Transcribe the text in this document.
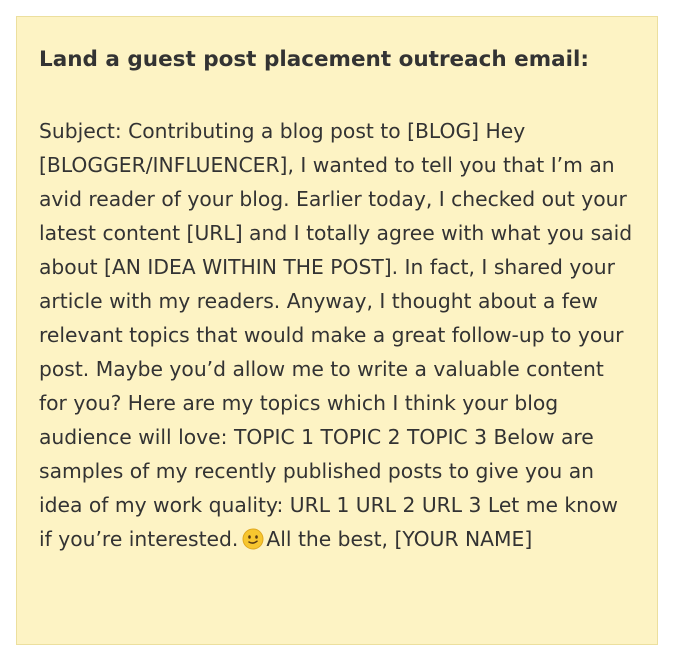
Land a guest post placement outreach email:

Subject: Contributing a blog post to [BLOG] Hey [BLOGGER/INFLUENCER], I wanted to tell you that I’m an avid reader of your blog. Earlier today, I checked out your latest content [URL] and I totally agree with what you said about [AN IDEA WITHIN THE POST]. In fact, I shared your article with my readers. Anyway, I thought about a few relevant topics that would make a great follow-up to your post. Maybe you’d allow me to write a valuable content for you? Here are my topics which I think your blog audience will love: TOPIC 1 TOPIC 2 TOPIC 3 Below are samples of my recently published posts to give you an idea of my work quality: URL 1 URL 2 URL 3 Let me know if you’re interested. All the best, [YOUR NAME]
